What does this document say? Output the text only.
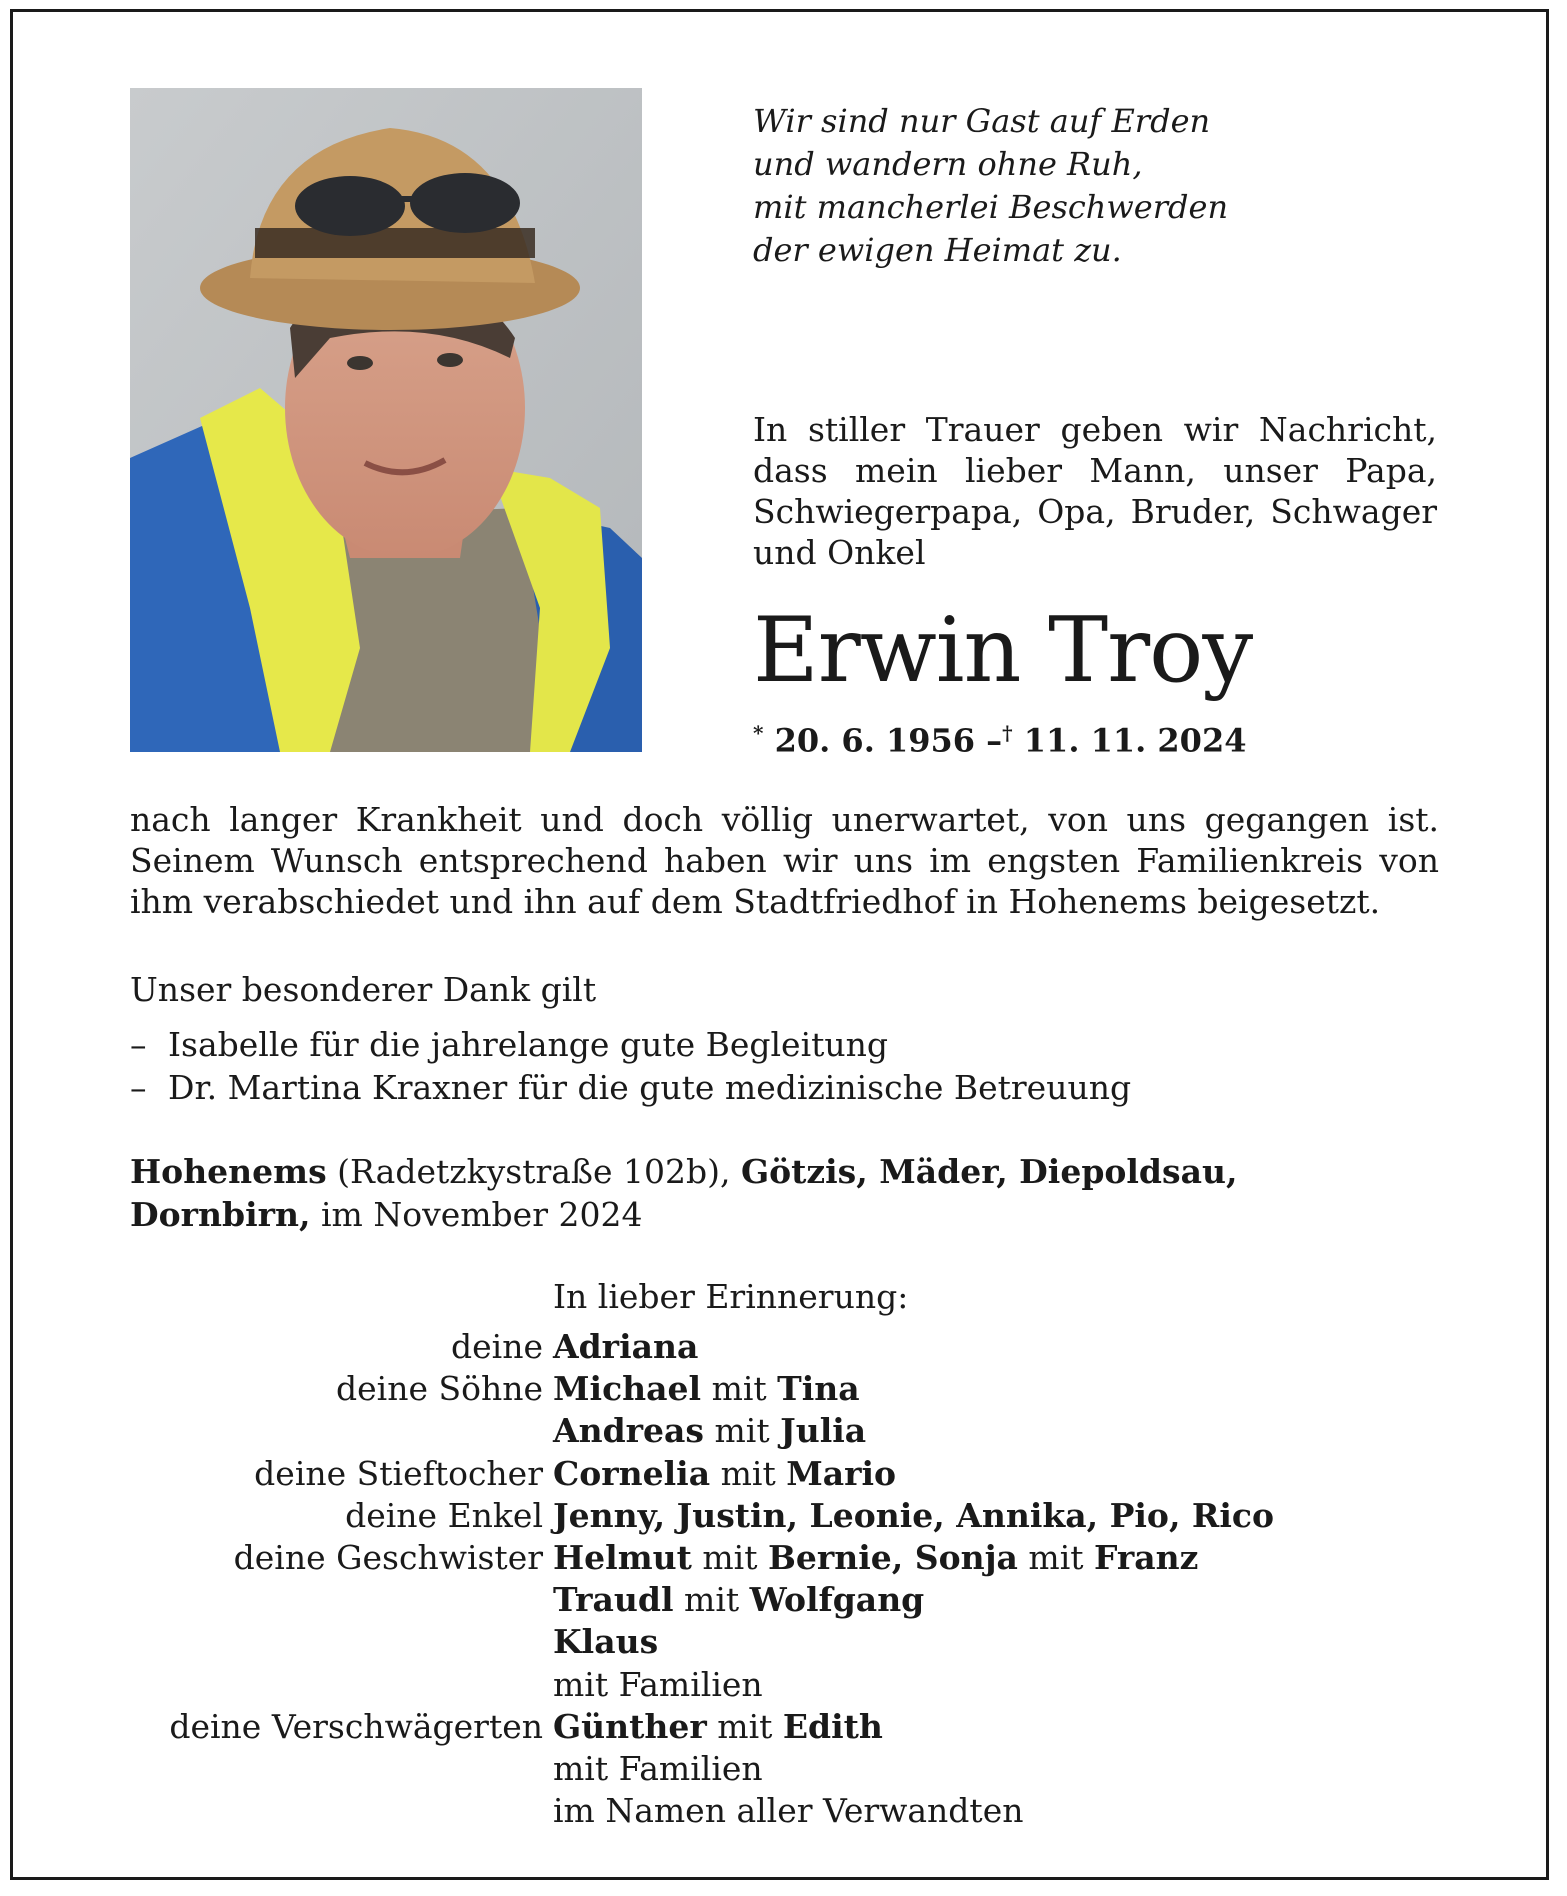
Wir sind nur Gast auf Erden
und wandern ohne Ruh,
mit mancherlei Beschwerden
der ewigen Heimat zu.
In stiller Trauer geben wir Nachricht, dass mein lieber Mann, unser Papa, Schwiegerpapa, Opa, Bruder, Schwager und Onkel
Erwin Troy
* 20. 6. 1956 –† 11. 11. 2024
nach langer Krankheit und doch völlig unerwartet, von uns gegangen ist. Seinem Wunsch entsprechend haben wir uns im engsten Familienkreis von ihm verabschiedet und ihn auf dem Stadtfriedhof in Hohenems beigesetzt.
Unser besonderer Dank gilt
– Isabelle für die jahrelange gute Begleitung
– Dr. Martina Kraxner für die gute medizinische Betreuung
Hohenems (Radetzkystraße 102b), Götzis, Mäder, Diepoldsau,
Dornbirn, im November 2024
In lieber Erinnerung:
deine Adriana
deine Söhne Michael mit Tina
Andreas mit Julia
deine Stieftocher Cornelia mit Mario
deine Enkel Jenny, Justin, Leonie, Annika, Pio, Rico
deine Geschwister Helmut mit Bernie, Sonja mit Franz
Traudl mit Wolfgang
Klaus
mit Familien
deine Verschwägerten Günther mit Edith
mit Familien
im Namen aller Verwandten
